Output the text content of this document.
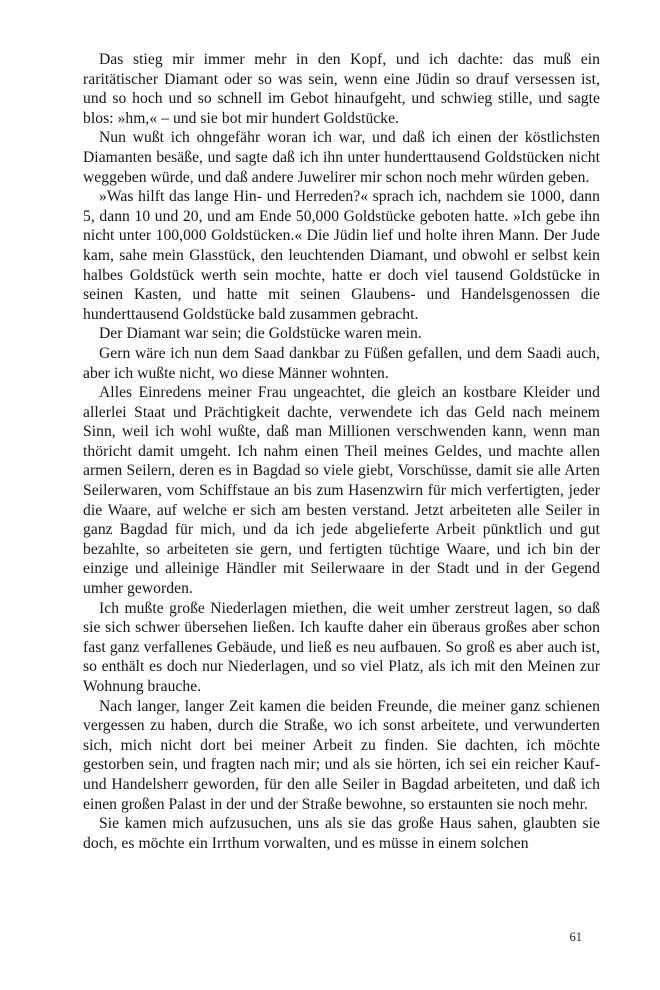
Das stieg mir immer mehr in den Kopf, und ich dachte: das muß ein raritätischer Diamant oder so was sein, wenn eine Jüdin so drauf versessen ist, und so hoch und so schnell im Gebot hinaufgeht, und schwieg stille, und sagte blos: »hm,« – und sie bot mir hundert Goldstücke.

Nun wußt ich ohngefähr woran ich war, und daß ich einen der köstlichsten Diamanten besäße, und sagte daß ich ihn unter hunderttausend Goldstücken nicht weggeben würde, und daß andere Juwelirer mir schon noch mehr würden geben.

»Was hilft das lange Hin- und Herreden?« sprach ich, nachdem sie 1000, dann 5, dann 10 und 20, und am Ende 50,000 Goldstücke geboten hatte. »Ich gebe ihn nicht unter 100,000 Goldstücken.« Die Jüdin lief und holte ihren Mann. Der Jude kam, sahe mein Glasstück, den leuchtenden Diamant, und obwohl er selbst kein halbes Goldstück werth sein mochte, hatte er doch viel tausend Goldstücke in seinen Kasten, und hatte mit seinen Glaubens- und Handelsgenossen die hunderttausend Goldstücke bald zusammen gebracht.

Der Diamant war sein; die Goldstücke waren mein.

Gern wäre ich nun dem Saad dankbar zu Füßen gefallen, und dem Saadi auch, aber ich wußte nicht, wo diese Männer wohnten.

Alles Einredens meiner Frau ungeachtet, die gleich an kostbare Kleider und allerlei Staat und Prächtigkeit dachte, verwendete ich das Geld nach meinem Sinn, weil ich wohl wußte, daß man Millionen verschwenden kann, wenn man thöricht damit umgeht. Ich nahm einen Theil meines Geldes, und machte allen armen Seilern, deren es in Bagdad so viele giebt, Vorschüsse, damit sie alle Arten Seilerwaren, vom Schiffstaue an bis zum Hasenzwirn für mich verfertigten, jeder die Waare, auf welche er sich am besten verstand. Jetzt arbeiteten alle Seiler in ganz Bagdad für mich, und da ich jede abgelieferte Arbeit pünktlich und gut bezahlte, so arbeiteten sie gern, und fertigten tüchtige Waare, und ich bin der einzige und alleinige Händler mit Seilerwaare in der Stadt und in der Gegend umher geworden.

Ich mußte große Niederlagen miethen, die weit umher zerstreut lagen, so daß sie sich schwer übersehen ließen. Ich kaufte daher ein überaus großes aber schon fast ganz verfallenes Gebäude, und ließ es neu aufbauen. So groß es aber auch ist, so enthält es doch nur Niederlagen, und so viel Platz, als ich mit den Meinen zur Wohnung brauche.

Nach langer, langer Zeit kamen die beiden Freunde, die meiner ganz schienen vergessen zu haben, durch die Straße, wo ich sonst arbeitete, und verwunderten sich, mich nicht dort bei meiner Arbeit zu finden. Sie dachten, ich möchte gestorben sein, und fragten nach mir; und als sie hörten, ich sei ein reicher Kauf- und Handelsherr geworden, für den alle Seiler in Bagdad arbeiteten, und daß ich einen großen Palast in der und der Straße bewohne, so erstaunten sie noch mehr.

Sie kamen mich aufzusuchen, uns als sie das große Haus sahen, glaubten sie doch, es möchte ein Irrthum vorwalten, und es müsse in einem solchen

61
